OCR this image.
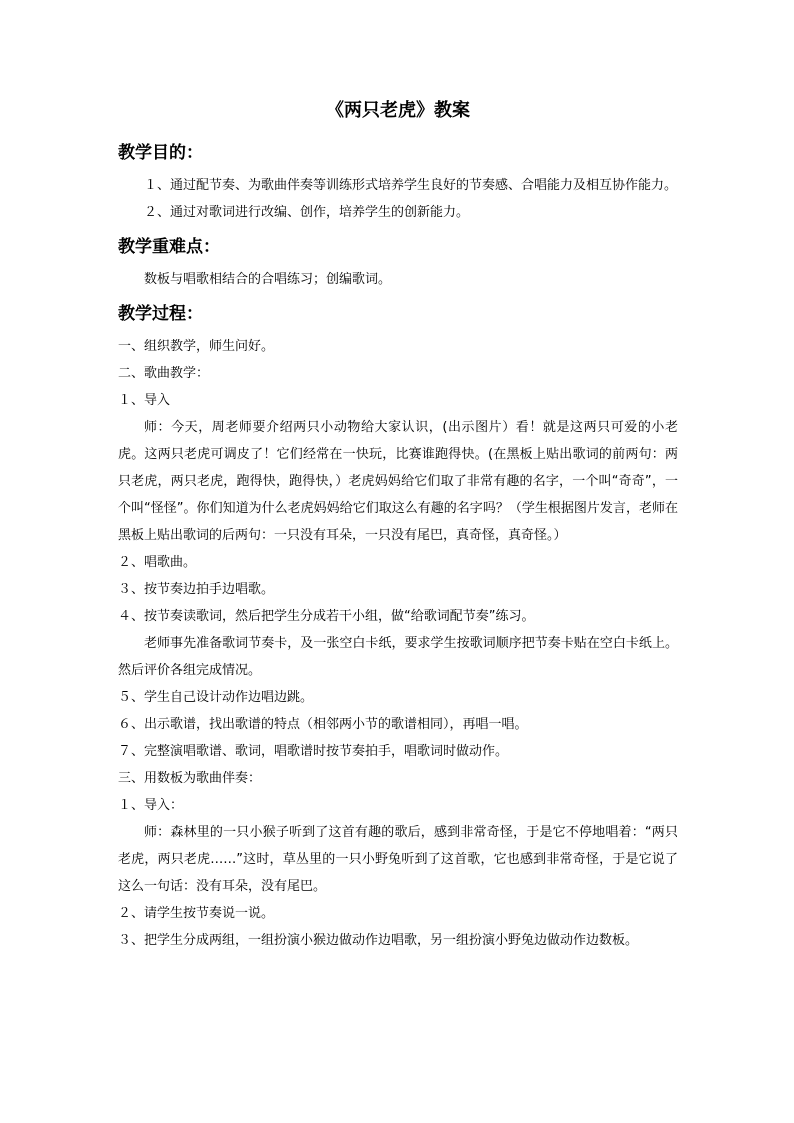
《两只老虎》教案
教学目的：

１、通过配节奏、为歌曲伴奏等训练形式培养学生良好的节奏感、合唱能力及相互协作能力。

２、通过对歌词进行改编、创作，培养学生的创新能力。

教学重难点：

数板与唱歌相结合的合唱练习；创编歌词。

教学过程：

一、组织教学，师生问好。

二、歌曲教学：

１、导入

师：今天，周老师要介绍两只小动物给大家认识，(出示图片）看！就是这两只可爱的小老虎。这两只老虎可调皮了！它们经常在一快玩，比赛谁跑得快。(在黑板上贴出歌词的前两句：两只老虎，两只老虎，跑得快，跑得快，）老虎妈妈给它们取了非常有趣的名字，一个叫“奇奇”，一个叫“怪怪”。你们知道为什么老虎妈妈给它们取这么有趣的名字吗？（学生根据图片发言，老师在黑板上贴出歌词的后两句：一只没有耳朵，一只没有尾巴，真奇怪，真奇怪。）

２、唱歌曲。

３、按节奏边拍手边唱歌。

４、按节奏读歌词，然后把学生分成若干小组，做“给歌词配节奏”练习。

老师事先准备歌词节奏卡，及一张空白卡纸，要求学生按歌词顺序把节奏卡贴在空白卡纸上。然后评价各组完成情况。

５、学生自己设计动作边唱边跳。

６、出示歌谱，找出歌谱的特点（相邻两小节的歌谱相同），再唱一唱。

７、完整演唱歌谱、歌词，唱歌谱时按节奏拍手，唱歌词时做动作。

三、用数板为歌曲伴奏：

１、导入：

师：森林里的一只小猴子听到了这首有趣的歌后，感到非常奇怪，于是它不停地唱着：“两只老虎，两只老虎……”这时，草丛里的一只小野兔听到了这首歌，它也感到非常奇怪，于是它说了这么一句话：没有耳朵，没有尾巴。

２、请学生按节奏说一说。

３、把学生分成两组，一组扮演小猴边做动作边唱歌，另一组扮演小野兔边做动作边数板。
